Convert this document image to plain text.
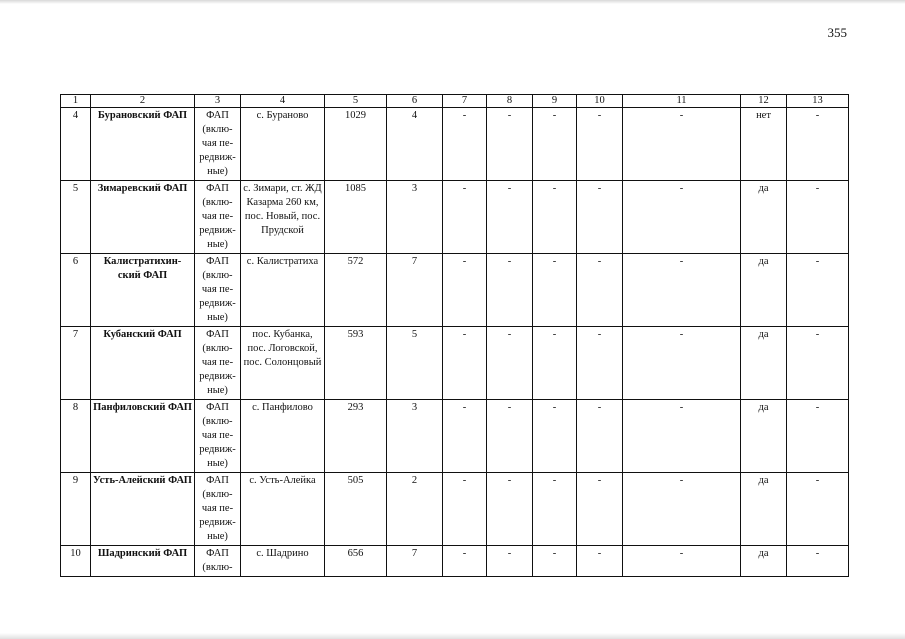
355
1	2	3	4	5	6	7	8	9	10	11	12	13
4	Бурановский ФАП	ФАП (вклю-чая пе-редвиж-ные)	с. Бураново	1029	4	-	-	-	-	-	нет	-
5	Зимаревский ФАП	ФАП (вклю-чая пе-редвиж-ные)	с. Зимари, ст. ЖД Казарма 260 км, пос. Новый, пос. Прудской	1085	3	-	-	-	-	-	да	-
6	Калистратихин-ский ФАП	ФАП (вклю-чая пе-редвиж-ные)	с. Калистратиха	572	7	-	-	-	-	-	да	-
7	Кубанский ФАП	ФАП (вклю-чая пе-редвиж-ные)	пос. Кубанка, пос. Логовской, пос. Солонцовый	593	5	-	-	-	-	-	да	-
8	Панфиловский ФАП	ФАП (вклю-чая пе-редвиж-ные)	с. Панфилово	293	3	-	-	-	-	-	да	-
9	Усть-Алейский ФАП	ФАП (вклю-чая пе-редвиж-ные)	с. Усть-Алейка	505	2	-	-	-	-	-	да	-
10	Шадринский ФАП	ФАП (вклю-	с. Шадрино	656	7	-	-	-	-	-	да	-
